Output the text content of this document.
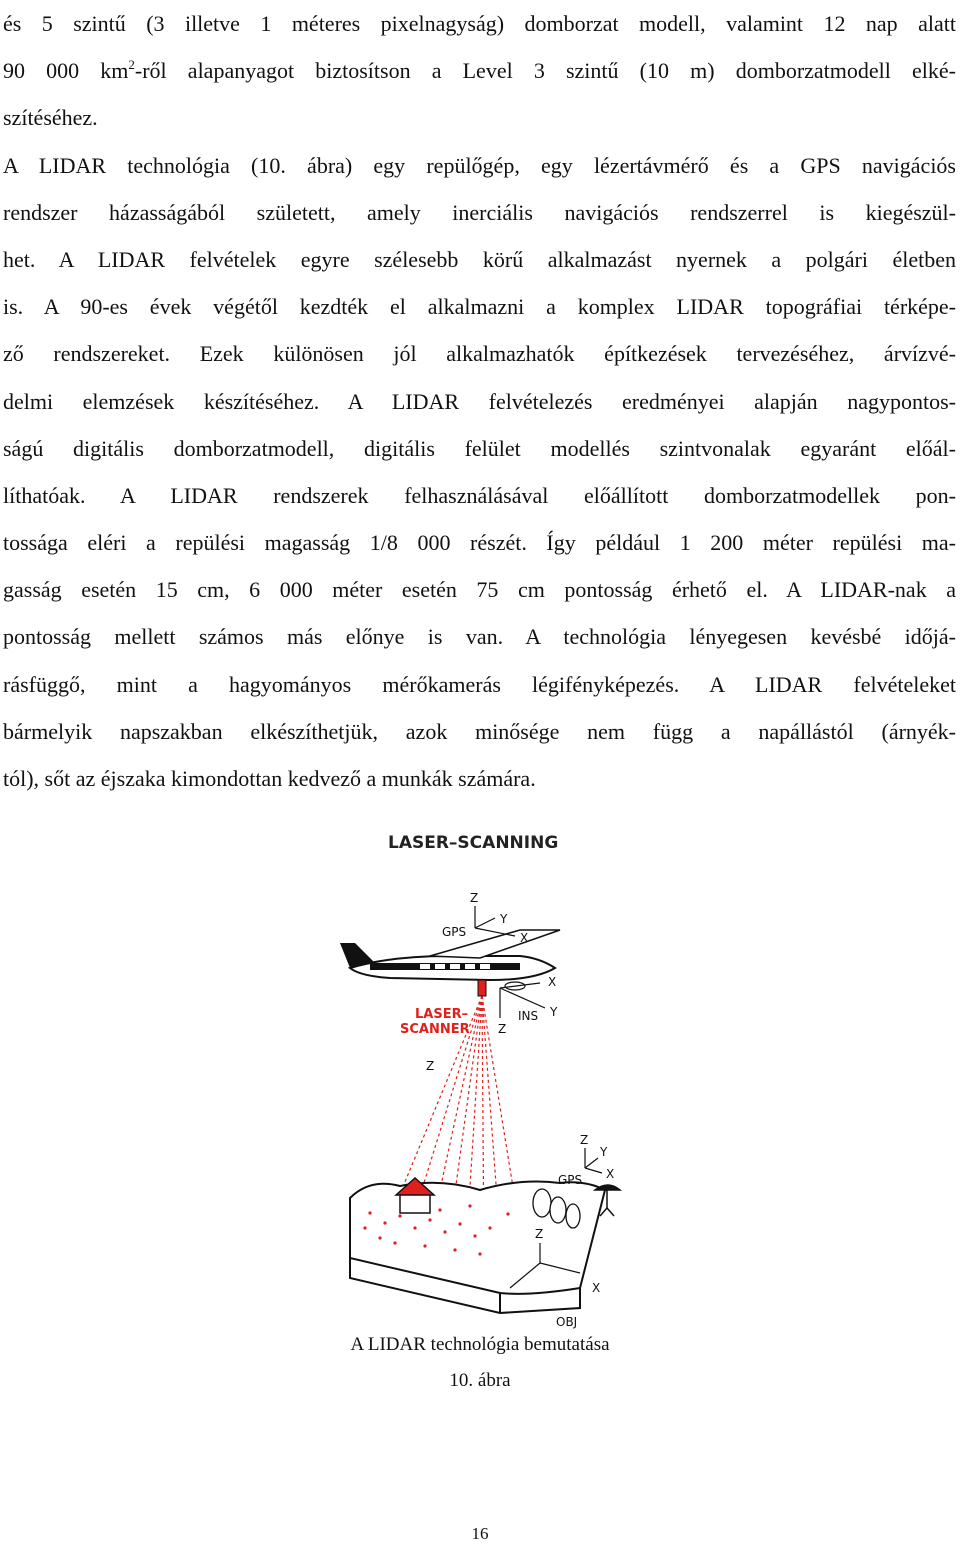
és 5 szintű (3 illetve 1 méteres pixelnagyság) domborzat modell, valamint 12 nap alatt
90 000 $km^2$-ről alapanyagot biztosítson a Level 3 szintű (10 m) domborzatmodell elké-
szítéséhez.
A LIDAR technológia (10. ábra) egy repülőgép, egy lézertávmérő és a GPS navigációs
rendszer házasságából született, amely inerciális navigációs rendszerrel is kiegészül-
het. A LIDAR felvételek egyre szélesebb körű alkalmazást nyernek a polgári életben
is. A 90-es évek végétől kezdték el alkalmazni a komplex LIDAR topográfiai térképe-
ző rendszereket. Ezek különösen jól alkalmazhatók építkezések tervezéséhez, árvízvé-
delmi elemzések készítéséhez. A LIDAR felvételezés eredményei alapján nagypontos-
ságú digitális domborzatmodell, digitális felület modellés szintvonalak egyaránt előál-
líthatóak. A LIDAR rendszerek felhasználásával előállított domborzatmodellek pon-
tossága eléri a repülési magasság 1/8 000 részét. Így például 1 200 méter repülési ma-
gasság esetén 15 cm, 6 000 méter esetén 75 cm pontosság érhető el. A LIDAR-nak a
pontosság mellett számos más előnye is van. A technológia lényegesen kevésbé időjá-
rásfüggő, mint a hagyományos mérőkamerás légifényképezés. A LIDAR felvételeket
bármelyik napszakban elkészíthetjük, azok minősége nem függ a napállástól (árnyék-
tól), sőt az éjszaka kimondottan kedvező a munkák számára.
LASER–SCANNING
Z
Y
X
GPS
X
Y
INS
Z
Z
Z
Y
X
GPS
Z
X
OBJ
LASER–
SCANNER
A LIDAR technológia bemutatása
10. ábra
16
